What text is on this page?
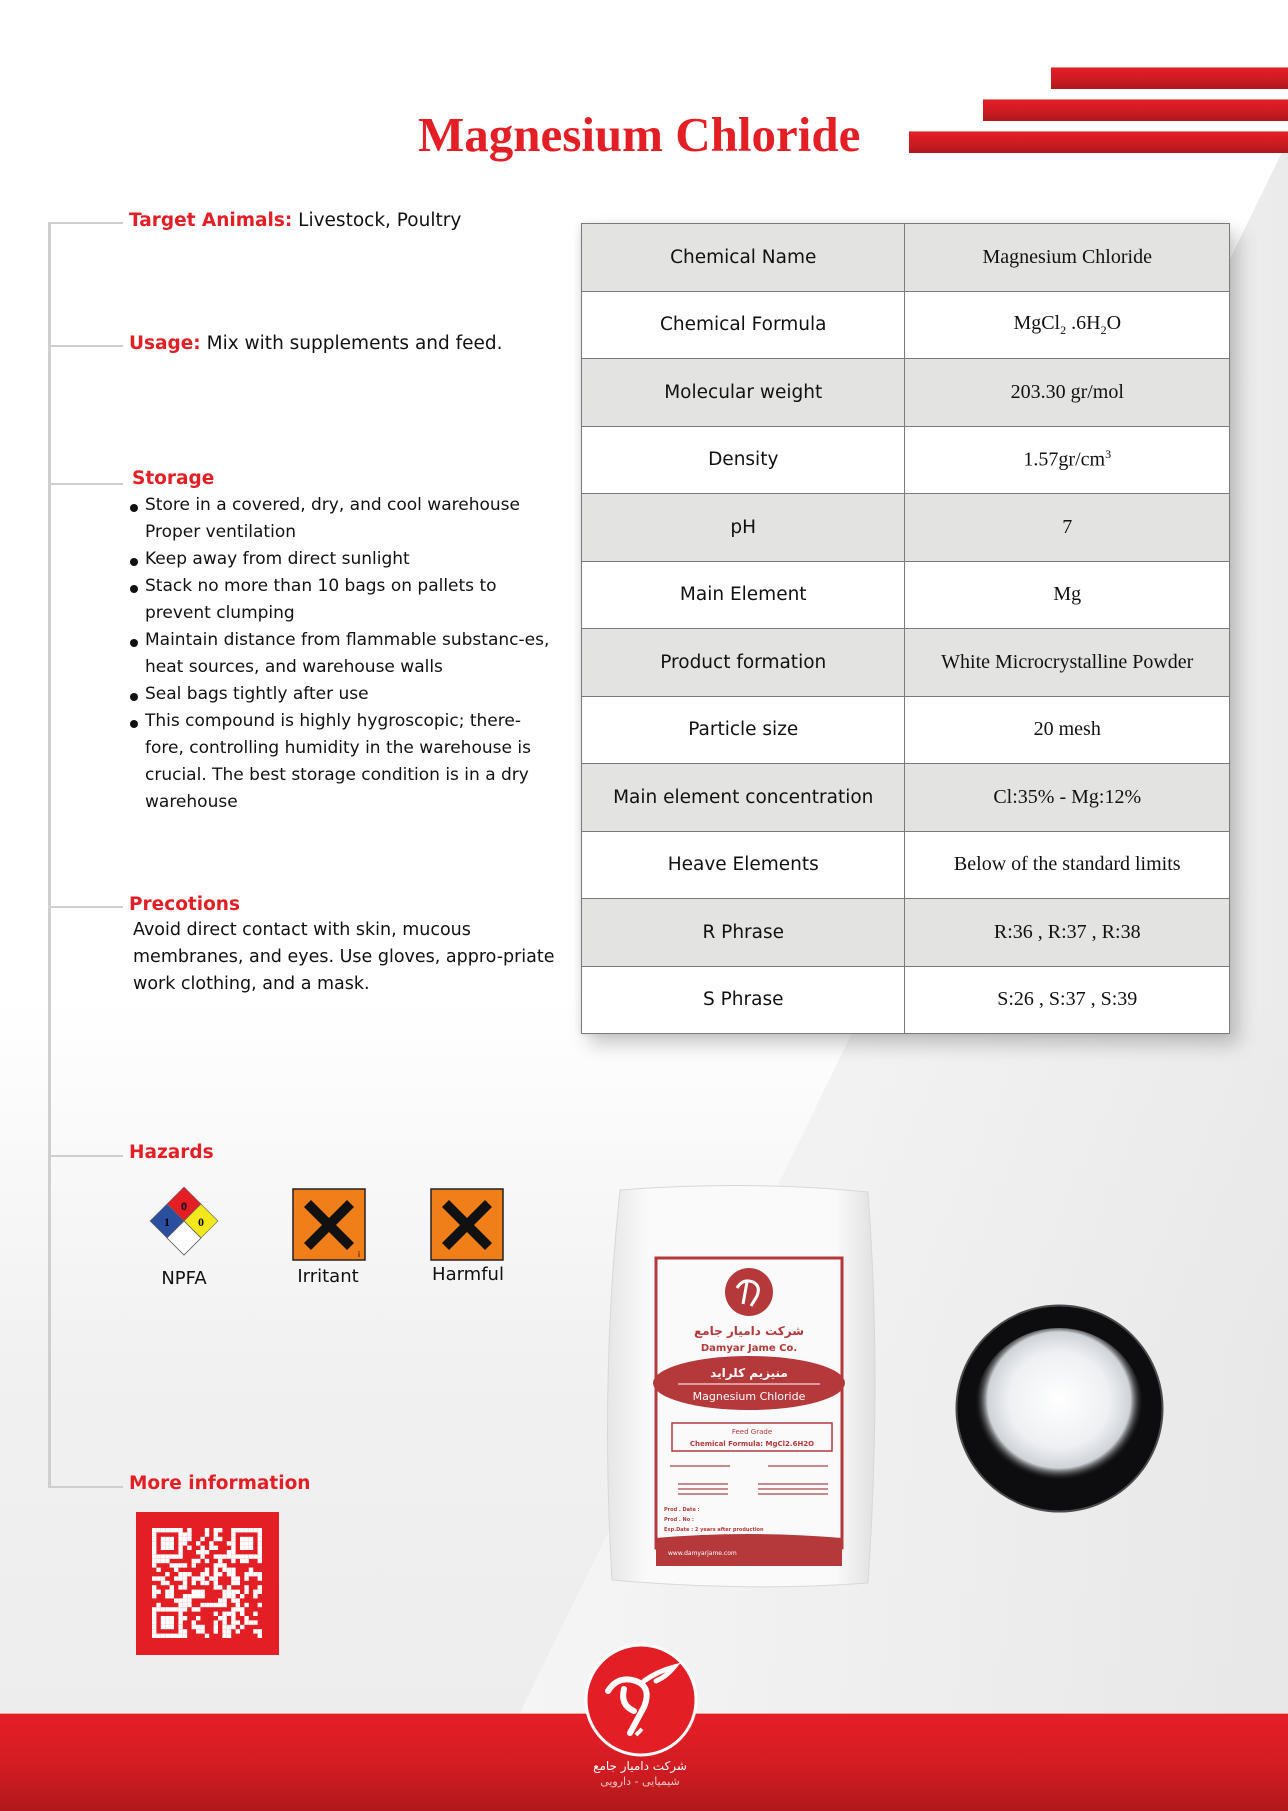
Magnesium Chloride
Target Animals: Livestock, Poultry
Usage: Mix with supplements and feed.
Storage
Store in a covered, dry, and cool warehouse
Proper ventilation
Keep away from direct sunlight
Stack no more than 10 bags on pallets to prevent clumping
Maintain distance from flammable substanc-es, heat sources, and warehouse walls
Seal bags tightly after use
This compound is highly hygroscopic; there-fore, controlling humidity in the warehouse is crucial. The best storage condition is in a dry warehouse
Precotions

Avoid direct contact with skin, mucous membranes, and eyes. Use gloves, appro-priate work clothing, and a mask.

Chemical Name	Magnesium Chloride
Chemical Formula	MgCl$_2$ $.6H_2O$
Molecular weight	203.30 gr/mol
Density	$1.57gr/cm^3$
pH	7
Main Element	Mg
Product formation	White Microcrystalline Powder
Particle size	20 mesh
Main element concentration	Cl:35% - Mg:12%
Heave Elements	Below of the standard limits
R Phrase	R:36 , R:37 , R:38
S Phrase	S:26 , S:37 , S:39
Hazards
0
1 0
NPFA
i
Irritant	Harmful
More information
شرکت دامیار جامع
Damyar Jame Co.
منیزیم کلراید
Magnesium Chloride
Feed Grade
Chemical Formula: MgCl2.6H2O
Prod . Date :
Prod . No :
Exp.Date : 2 years after production
www.damyarjame.com
شرکت دامیار جامع
شیمیایی - دارویی
